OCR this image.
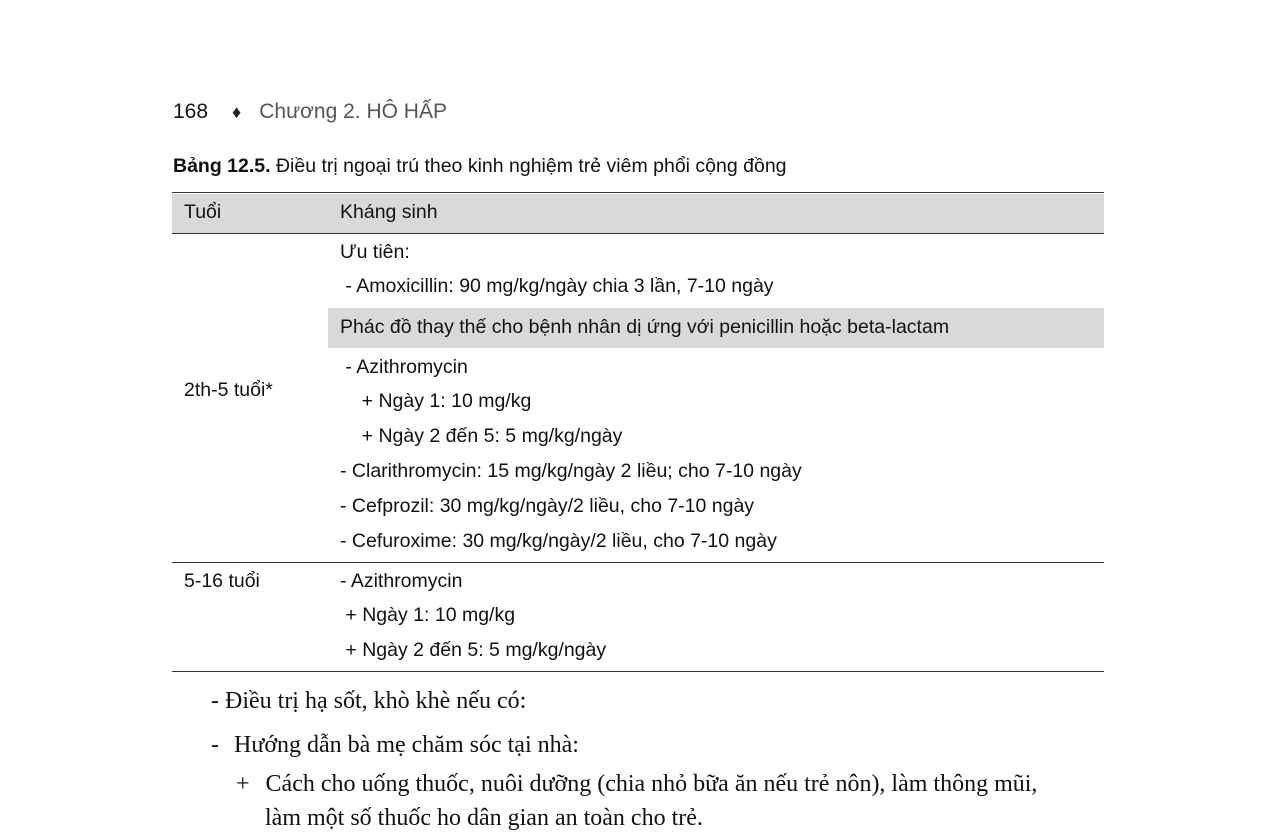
168 ♦ Chương 2. HÔ HẤP
Bảng 12.5. Điều trị ngoại trú theo kinh nghiệm trẻ viêm phổi cộng đồng
Tuổi	Kháng sinh
2th-5 tuổi*
Ưu tiên:
- Amoxicillin: 90 mg/kg/ngày chia 3 lần, 7-10 ngày
Phác đồ thay thế cho bệnh nhân dị ứng với penicillin hoặc beta-lactam
- Azithromycin
+ Ngày 1: 10 mg/kg
+ Ngày 2 đến 5: 5 mg/kg/ngày
- Clarithromycin: 15 mg/kg/ngày 2 liều; cho 7-10 ngày
- Cefprozil: 30 mg/kg/ngày/2 liều, cho 7-10 ngày
- Cefuroxime: 30 mg/kg/ngày/2 liều, cho 7-10 ngày
5-16 tuổi	- Azithromycin
+ Ngày 1: 10 mg/kg
+ Ngày 2 đến 5: 5 mg/kg/ngày
- Điều trị hạ sốt, khò khè nếu có:
- Hướng dẫn bà mẹ chăm sóc tại nhà:
+ Cách cho uống thuốc, nuôi dưỡng (chia nhỏ bữa ăn nếu trẻ nôn), làm thông mũi,
làm một số thuốc ho dân gian an toàn cho trẻ.
